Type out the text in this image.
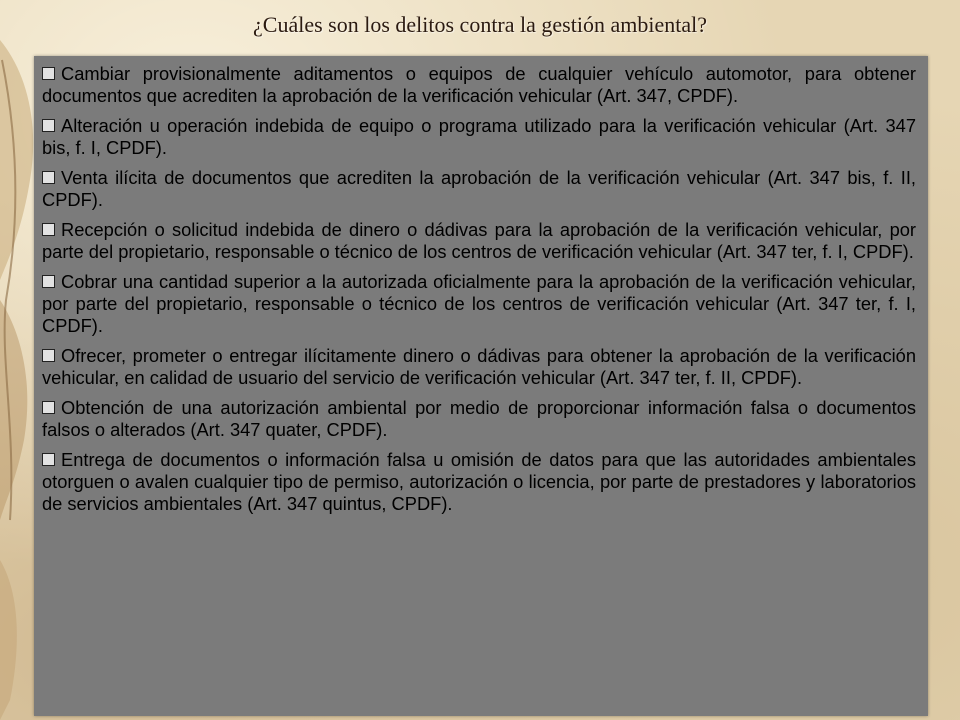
¿Cuáles son los delitos contra la gestión ambiental?
Cambiar provisionalmente aditamentos o equipos de cualquier vehículo automotor, para obtener documentos que acrediten la aprobación de la verificación vehicular (Art. 347, CPDF).
Alteración u operación indebida de equipo o programa utilizado para la verificación vehicular (Art. 347 bis, f. I, CPDF).
Venta ilícita de documentos que acrediten la aprobación de la verificación vehicular (Art. 347 bis, f. II, CPDF).
Recepción o solicitud indebida de dinero o dádivas para la aprobación de la verificación vehicular, por parte del propietario, responsable o técnico de los centros de verificación vehicular (Art. 347 ter, f. I, CPDF).
Cobrar una cantidad superior a la autorizada oficialmente para la aprobación de la verificación vehicular, por parte del propietario, responsable o técnico de los centros de verificación vehicular (Art. 347 ter, f. I, CPDF).
Ofrecer, prometer o entregar ilícitamente dinero o dádivas para obtener la aprobación de la verificación vehicular, en calidad de usuario del servicio de verificación vehicular (Art. 347 ter, f. II, CPDF).
Obtención de una autorización ambiental por medio de proporcionar información falsa o documentos falsos o alterados (Art. 347 quater, CPDF).
Entrega de documentos o información falsa u omisión de datos para que las autoridades ambientales otorguen o avalen cualquier tipo de permiso, autorización o licencia, por parte de prestadores y laboratorios de servicios ambientales (Art. 347 quintus, CPDF).
